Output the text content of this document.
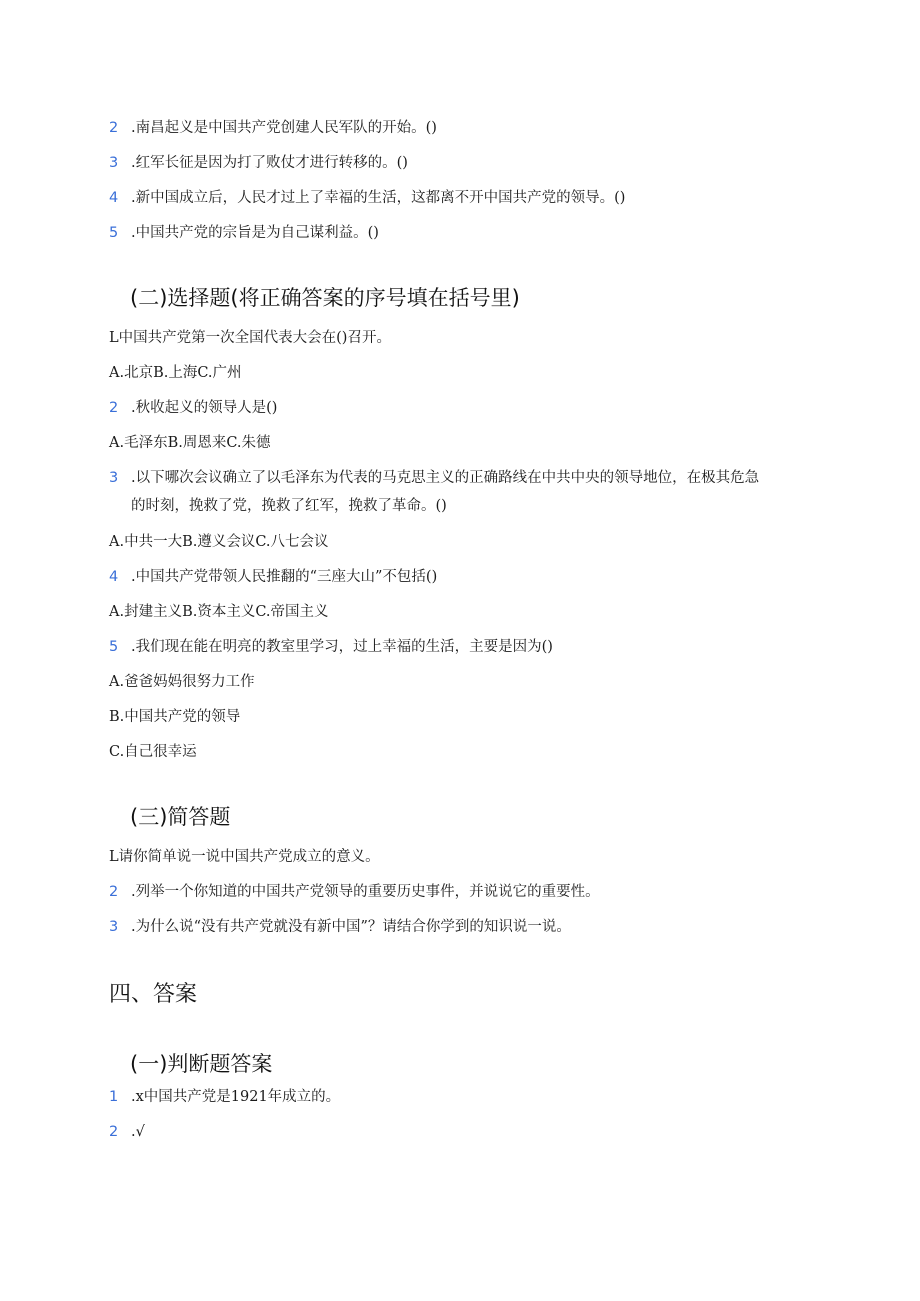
2 .南昌起义是中国共产党创建人民军队的开始。()
3 .红军长征是因为打了败仗才进行转移的。()
4 .新中国成立后，人民才过上了幸福的生活，这都离不开中国共产党的领导。()
5 .中国共产党的宗旨是为自己谋利益。()
(二)选择题(将正确答案的序号填在括号里)
L中国共产党第一次全国代表大会在()召开。
A.北京B.上海C.广州
2 .秋收起义的领导人是()
A.毛泽东B.周恩来C.朱德
3 .以下哪次会议确立了以毛泽东为代表的马克思主义的正确路线在中共中央的领导地位，在极其危急
的时刻，挽救了党，挽救了红军，挽救了革命。()
A.中共一大B.遵义会议C.八七会议
4 .中国共产党带领人民推翻的“三座大山”不包括()
A.封建主义B.资本主义C.帝国主义
5 .我们现在能在明亮的教室里学习，过上幸福的生活，主要是因为()
A.爸爸妈妈很努力工作
B.中国共产党的领导
C.自己很幸运
(三)简答题
L请你简单说一说中国共产党成立的意义。
2 .列举一个你知道的中国共产党领导的重要历史事件，并说说它的重要性。
3 .为什么说“没有共产党就没有新中国”？请结合你学到的知识说一说。
四、答案
(一)判断题答案
1 .x中国共产党是1921年成立的。
2 .√
